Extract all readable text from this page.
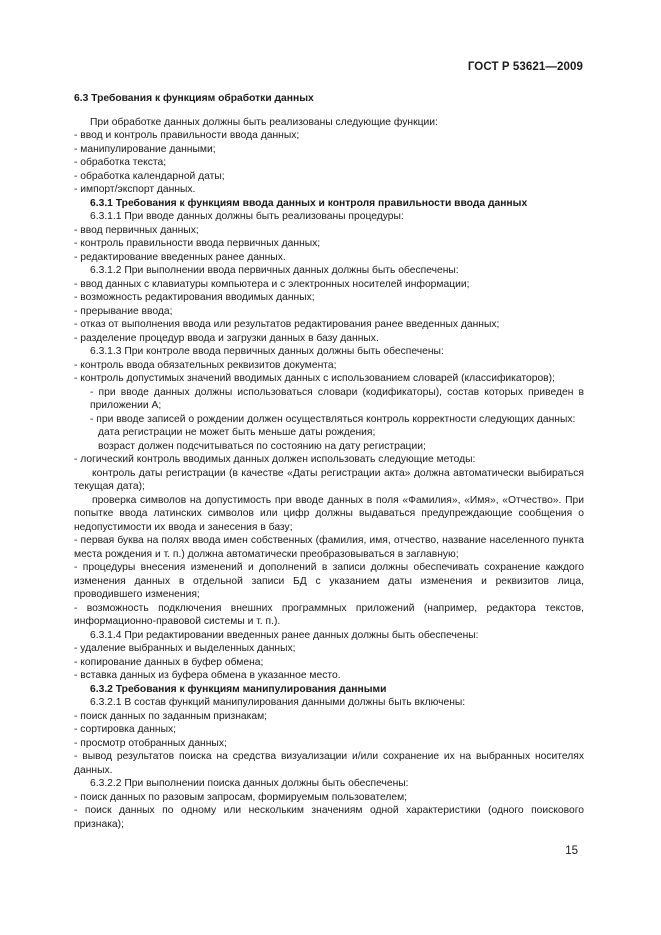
ГОСТ Р 53621—2009

6.3 Требования к функциям обработки данных

При обработке данных должны быть реализованы следующие функции:

- ввод и контроль правильности ввода данных;

- манипулирование данными;

- обработка текста;

- обработка календарной даты;

- импорт/экспорт данных.

6.3.1 Требования к функциям ввода данных и контроля правильности ввода данных

6.3.1.1 При вводе данных должны быть реализованы процедуры:

- ввод первичных данных;

- контроль правильности ввода первичных данных;

- редактирование введенных ранее данных.

6.3.1.2 При выполнении ввода первичных данных должны быть обеспечены:

- ввод данных с клавиатуры компьютера и с электронных носителей информации;

- возможность редактирования вводимых данных;

- прерывание ввода;

- отказ от выполнения ввода или результатов редактирования ранее введенных данных;

- разделение процедур ввода и загрузки данных в базу данных.

6.3.1.3 При контроле ввода первичных данных должны быть обеспечены:

- контроль ввода обязательных реквизитов документа;

- контроль допустимых значений вводимых данных с использованием словарей (классификаторов);

- при вводе данных должны использоваться словари (кодификаторы), состав которых приведен в приложении А;

- при вводе записей о рождении должен осуществляться контроль корректности следующих данных:

дата регистрации не может быть меньше даты рождения;

возраст должен подсчитываться по состоянию на дату регистрации;

- логический контроль вводимых данных должен использовать следующие методы:

контроль даты регистрации (в качестве «Даты регистрации акта» должна автоматически выбираться текущая дата);

проверка символов на допустимость при вводе данных в поля «Фамилия», «Имя», «Отчество». При попытке ввода латинских символов или цифр должны выдаваться предупреждающие сообщения о недопустимости их ввода и занесения в базу;

- первая буква на полях ввода имен собственных (фамилия, имя, отчество, название населенного пункта места рождения и т. п.) должна автоматически преобразовываться в заглавную;

- процедуры внесения изменений и дополнений в записи должны обеспечивать сохранение каждого изменения данных в отдельной записи БД с указанием даты изменения и реквизитов лица, проводившего изменения;

- возможность подключения внешних программных приложений (например, редактора текстов, информационно-правовой системы и т. п.).

6.3.1.4 При редактировании введенных ранее данных должны быть обеспечены:

- удаление выбранных и выделенных данных;

- копирование данных в буфер обмена;

- вставка данных из буфера обмена в указанное место.

6.3.2 Требования к функциям манипулирования данными

6.3.2.1 В состав функций манипулирования данными должны быть включены:

- поиск данных по заданным признакам;

- сортировка данных;

- просмотр отобранных данных;

- вывод результатов поиска на средства визуализации и/или сохранение их на выбранных носителях данных.

6.3.2.2 При выполнении поиска данных должны быть обеспечены:

- поиск данных по разовым запросам, формируемым пользователем;

- поиск данных по одному или нескольким значениям одной характеристики (одного поискового признака);

15
